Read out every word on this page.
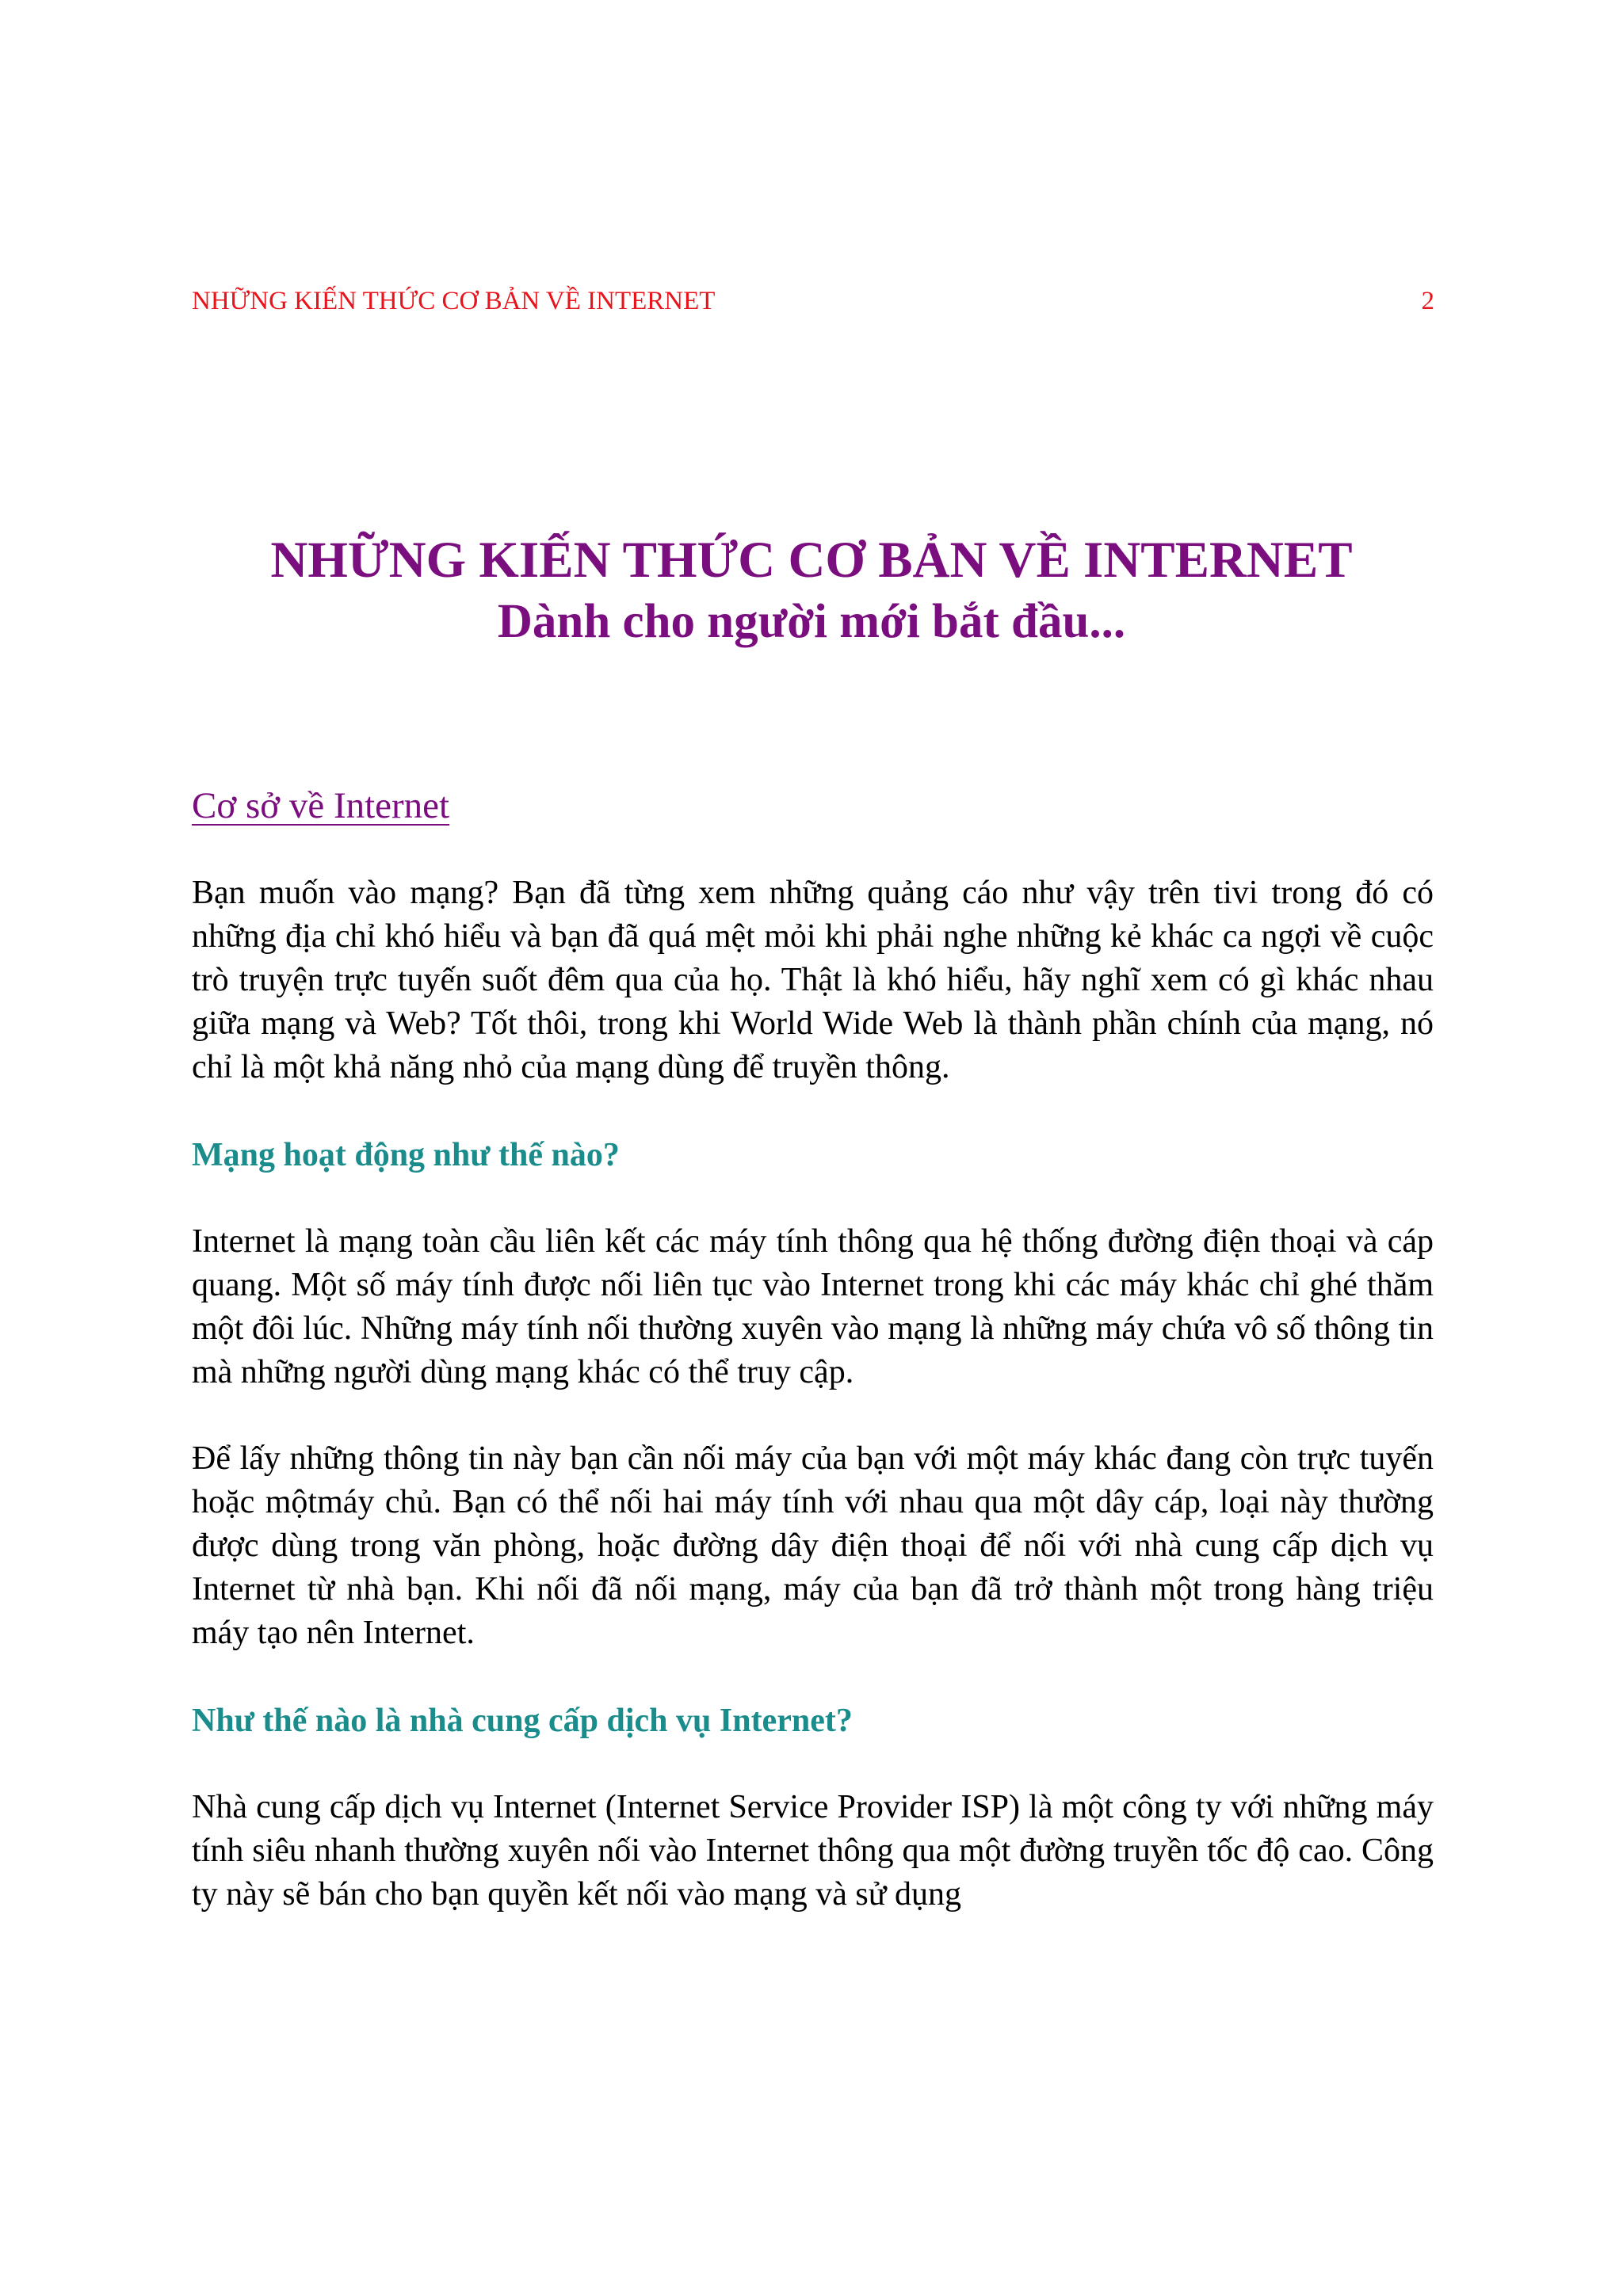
NHỮNG KIẾN THỨC CƠ BẢN VỀ INTERNET	2
NHỮNG KIẾN THỨC CƠ BẢN VỀ INTERNET
Dành cho người mới bắt đầu...
Cơ sở về Internet

Bạn muốn vào mạng? Bạn đã từng xem những quảng cáo như vậy trên tivi trong đó có những địa chỉ khó hiểu và bạn đã quá mệt mỏi khi phải nghe những kẻ khác ca ngợi về cuộc trò truyện trực tuyến suốt đêm qua của họ. Thật là khó hiểu, hãy nghĩ xem có gì khác nhau giữa mạng và Web? Tốt thôi, trong khi World Wide Web là thành phần chính của mạng, nó chỉ là một khả năng nhỏ của mạng dùng để truyền thông.

Mạng hoạt động như thế nào?

Internet là mạng toàn cầu liên kết các máy tính thông qua hệ thống đường điện thoại và cáp quang. Một số máy tính được nối liên tục vào Internet trong khi các máy khác chỉ ghé thăm một đôi lúc. Những máy tính nối thường xuyên vào mạng là những máy chứa vô số thông tin mà những người dùng mạng khác có thể truy cập.

Để lấy những thông tin này bạn cần nối máy của bạn với một máy khác đang còn trực tuyến hoặc mộtmáy chủ. Bạn có thể nối hai máy tính với nhau qua một dây cáp, loại này thường được dùng trong văn phòng, hoặc đường dây điện thoại để nối với nhà cung cấp dịch vụ Internet từ nhà bạn. Khi nối đã nối mạng, máy của bạn đã trở thành một trong hàng triệu máy tạo nên Internet.

Như thế nào là nhà cung cấp dịch vụ Internet?

Nhà cung cấp dịch vụ Internet (Internet Service Provider ISP) là một công ty với những máy tính siêu nhanh thường xuyên nối vào Internet thông qua một đường truyền tốc độ cao. Công ty này sẽ bán cho bạn quyền kết nối vào mạng và sử dụng
